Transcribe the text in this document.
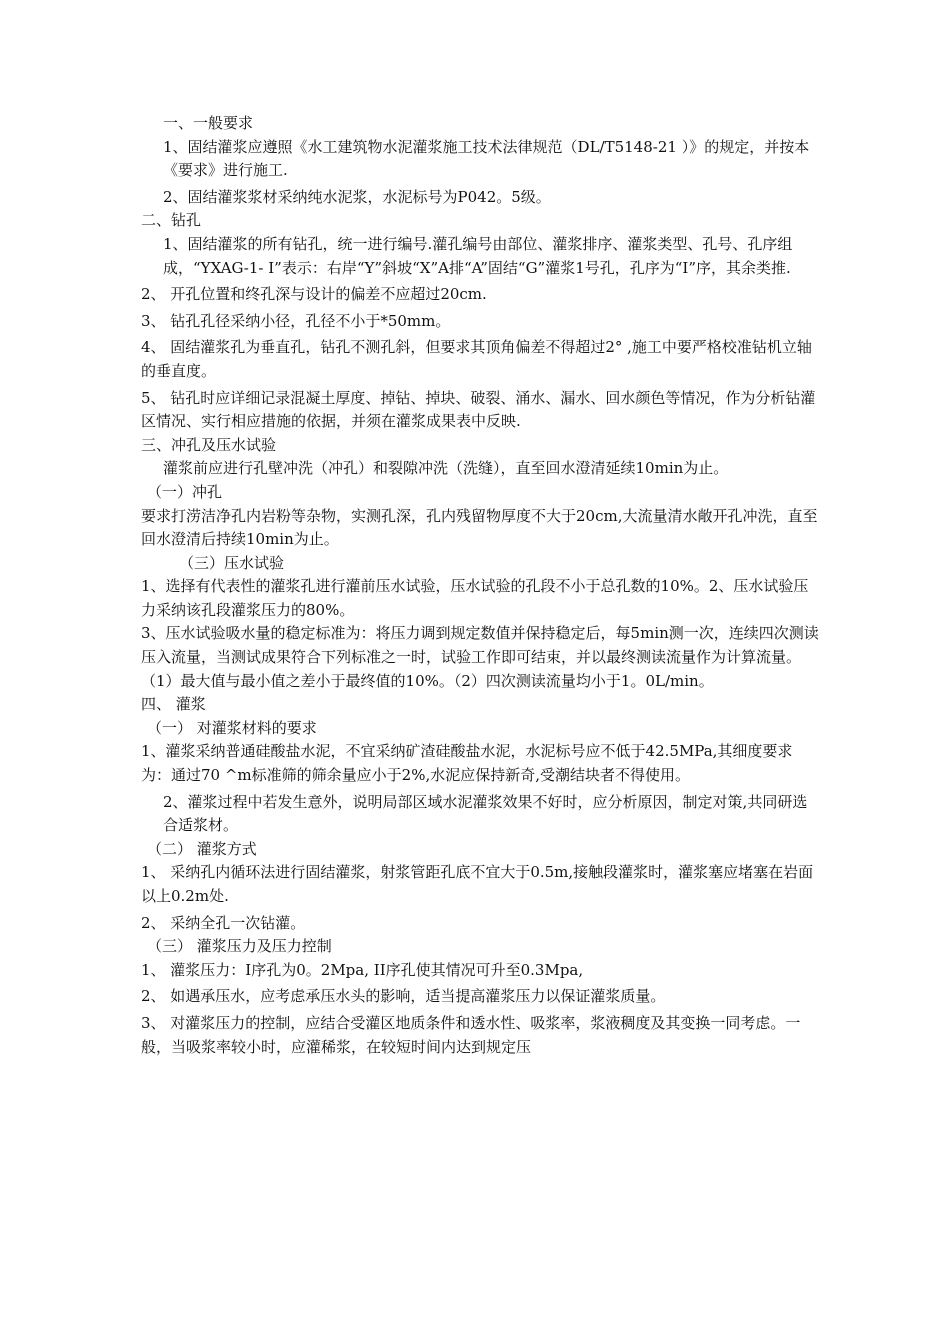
一、一般要求

1、固结灌浆应遵照《水工建筑物水泥灌浆施工技术法律规范（DL/T5148-21 ）》的规定，并按本《要求》进行施工.

2、固结灌浆浆材采纳纯水泥浆，水泥标号为P042。5级。

二、钻孔

1、固结灌浆的所有钻孔，统一进行编号.灌孔编号由部位、灌浆排序、灌浆类型、孔号、孔序组成，“YXAG-1- I”表示：右岸“Y”斜坡“X”A排“A”固结“G”灌浆1号孔，孔序为“I”序，其余类推.

2、 开孔位置和终孔深与设计的偏差不应超过20cm.

3、 钻孔孔径采纳小径，孔径不小于*50mm。

4、 固结灌浆孔为垂直孔，钻孔不测孔斜，但要求其顶角偏差不得超过2° ,施工中要严格校准钻机立轴的垂直度。

5、 钻孔时应详细记录混凝土厚度、掉钻、掉块、破裂、涌水、漏水、回水颜色等情况，作为分析钻灌区情况、实行相应措施的依据，并须在灌浆成果表中反映.

三、冲孔及压水试验

灌浆前应进行孔壁冲洗（冲孔）和裂隙冲洗（洗缝），直至回水澄清延续10min为止。

（一）冲孔

要求打涝洁净孔内岩粉等杂物，实测孔深，孔内残留物厚度不大于20cm,大流量清水敞开孔冲洗，直至回水澄清后持续10min为止。

（三）压水试验

1、选择有代表性的灌浆孔进行灌前压水试验，压水试验的孔段不小于总孔数的10%。2、压水试验压力采纳该孔段灌浆压力的80%。

3、压水试验吸水量的稳定标准为：将压力调到规定数值并保持稳定后，每5min测一次，连续四次测读压入流量，当测试成果符合下列标准之一时，试验工作即可结束，并以最终测读流量作为计算流量。（1）最大值与最小值之差小于最终值的10%。（2）四次测读流量均小于1。0L/min。

四、 灌浆

（一） 对灌浆材料的要求

1、灌浆采纳普通硅酸盐水泥，不宜采纳矿渣硅酸盐水泥，水泥标号应不低于42.5MPa,其细度要求为：通过70 ^m标准筛的筛余量应小于2%,水泥应保持新奇,受潮结块者不得使用。

2、灌浆过程中若发生意外，说明局部区域水泥灌浆效果不好时，应分析原因，制定对策,共同研选合适浆材。

（二） 灌浆方式

1、 采纳孔内循环法进行固结灌浆，射浆管距孔底不宜大于0.5m,接触段灌浆时，灌浆塞应堵塞在岩面以上0.2m处.

2、 采纳全孔一次钻灌。

（三） 灌浆压力及压力控制

1、 灌浆压力：I序孔为0。2Mpa, II序孔使其情况可升至0.3Mpa,

2、 如遇承压水，应考虑承压水头的影响，适当提高灌浆压力以保证灌浆质量。

3、 对灌浆压力的控制，应结合受灌区地质条件和透水性、吸浆率，浆液稠度及其变换一同考虑。一般，当吸浆率较小时，应灌稀浆，在较短时间内达到规定压
